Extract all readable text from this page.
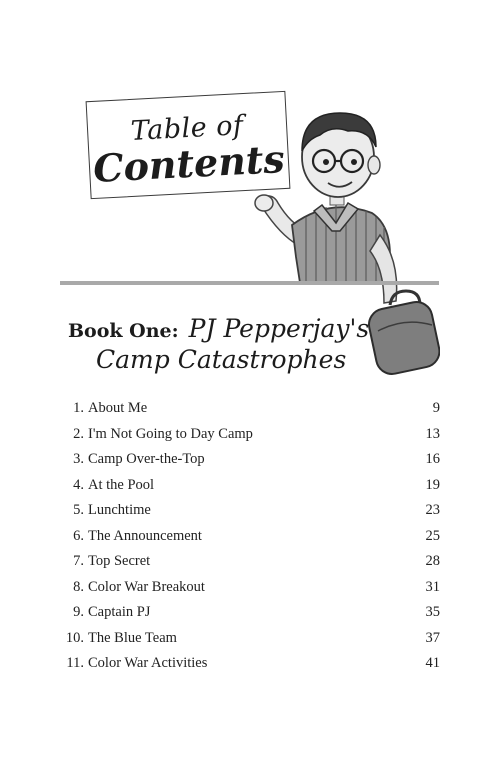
Table of
Contents
Book One: PJ Pepperjay's
Camp Catastrophes
1. About Me	9
2. I'm Not Going to Day Camp	13
3. Camp Over-the-Top	16
4. At the Pool	19
5. Lunchtime	23
6. The Announcement	25
7. Top Secret	28
8. Color War Breakout	31
9. Captain PJ	35
10. The Blue Team	37
11. Color War Activities	41
